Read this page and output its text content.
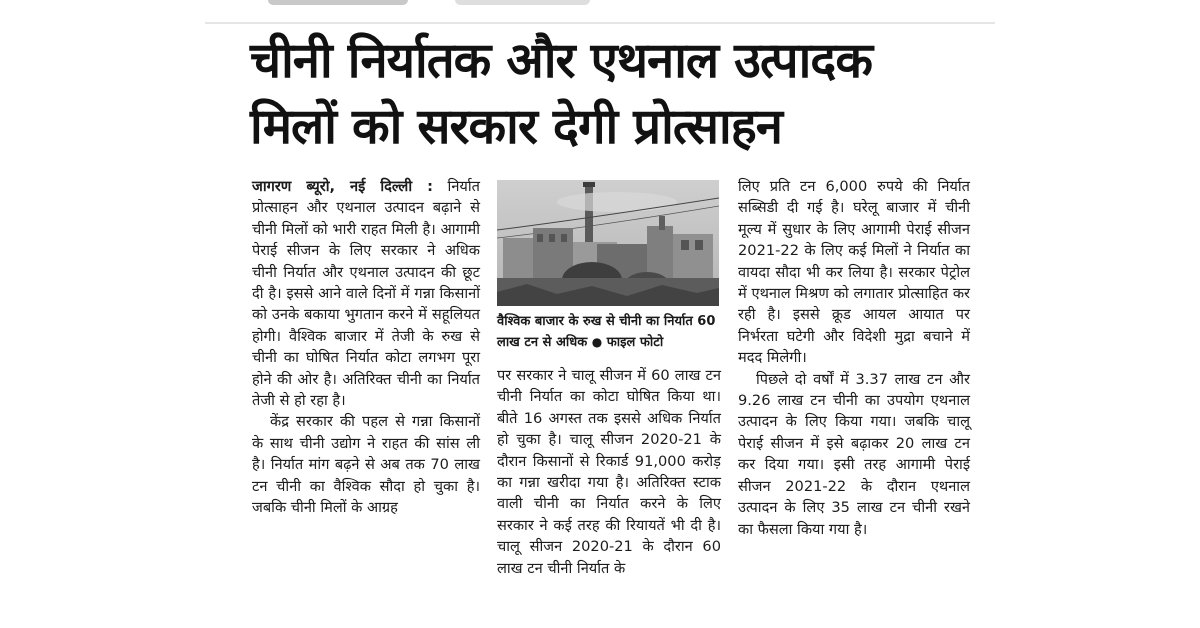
चीनी निर्यातक और एथनाल उत्पादक
मिलों को सरकार देगी प्रोत्साहन

जागरण ब्यूरो, नई दिल्ली : निर्यात प्रोत्साहन और एथनाल उत्पादन बढ़ाने से चीनी मिलों को भारी राहत मिली है। आगामी पेराई सीजन के लिए सरकार ने अधिक चीनी निर्यात और एथनाल उत्पादन की छूट दी है। इससे आने वाले दिनों में गन्ना किसानों को उनके बकाया भुगतान करने में सहूलियत होगी। वैश्विक बाजार में तेजी के रुख से चीनी का घोषित निर्यात कोटा लगभग पूरा होने की ओर है। अतिरिक्त चीनी का निर्यात तेजी से हो रहा है।

केंद्र सरकार की पहल से गन्ना किसानों के साथ चीनी उद्योग ने राहत की सांस ली है। निर्यात मांग बढ़ने से अब तक 70 लाख टन चीनी का वैश्विक सौदा हो चुका है। जबकि चीनी मिलों के आग्रह

वैश्विक बाजार के रुख से चीनी का निर्यात 60 लाख टन से अधिक ● फाइल फोटो

पर सरकार ने चालू सीजन में 60 लाख टन चीनी निर्यात का कोटा घोषित किया था। बीते 16 अगस्त तक इससे अधिक निर्यात हो चुका है। चालू सीजन 2020-21 के दौरान किसानों से रिकार्ड 91,000 करोड़ का गन्ना खरीदा गया है। अतिरिक्त स्टाक वाली चीनी का निर्यात करने के लिए सरकार ने कई तरह की रियायतें भी दी है। चालू सीजन 2020-21 के दौरान 60 लाख टन चीनी निर्यात के

लिए प्रति टन 6,000 रुपये की निर्यात सब्सिडी दी गई है। घरेलू बाजार में चीनी मूल्य में सुधार के लिए आगामी पेराई सीजन 2021-22 के लिए कई मिलों ने निर्यात का वायदा सौदा भी कर लिया है। सरकार पेट्रोल में एथनाल मिश्रण को लगातार प्रोत्साहित कर रही है। इससे क्रूड आयल आयात पर निर्भरता घटेगी और विदेशी मुद्रा बचाने में मदद मिलेगी।

पिछले दो वर्षों में 3.37 लाख टन और 9.26 लाख टन चीनी का उपयोग एथनाल उत्पादन के लिए किया गया। जबकि चालू पेराई सीजन में इसे बढ़ाकर 20 लाख टन कर दिया गया। इसी तरह आगामी पेराई सीजन 2021-22 के दौरान एथनाल उत्पादन के लिए 35 लाख टन चीनी रखने का फैसला किया गया है।
